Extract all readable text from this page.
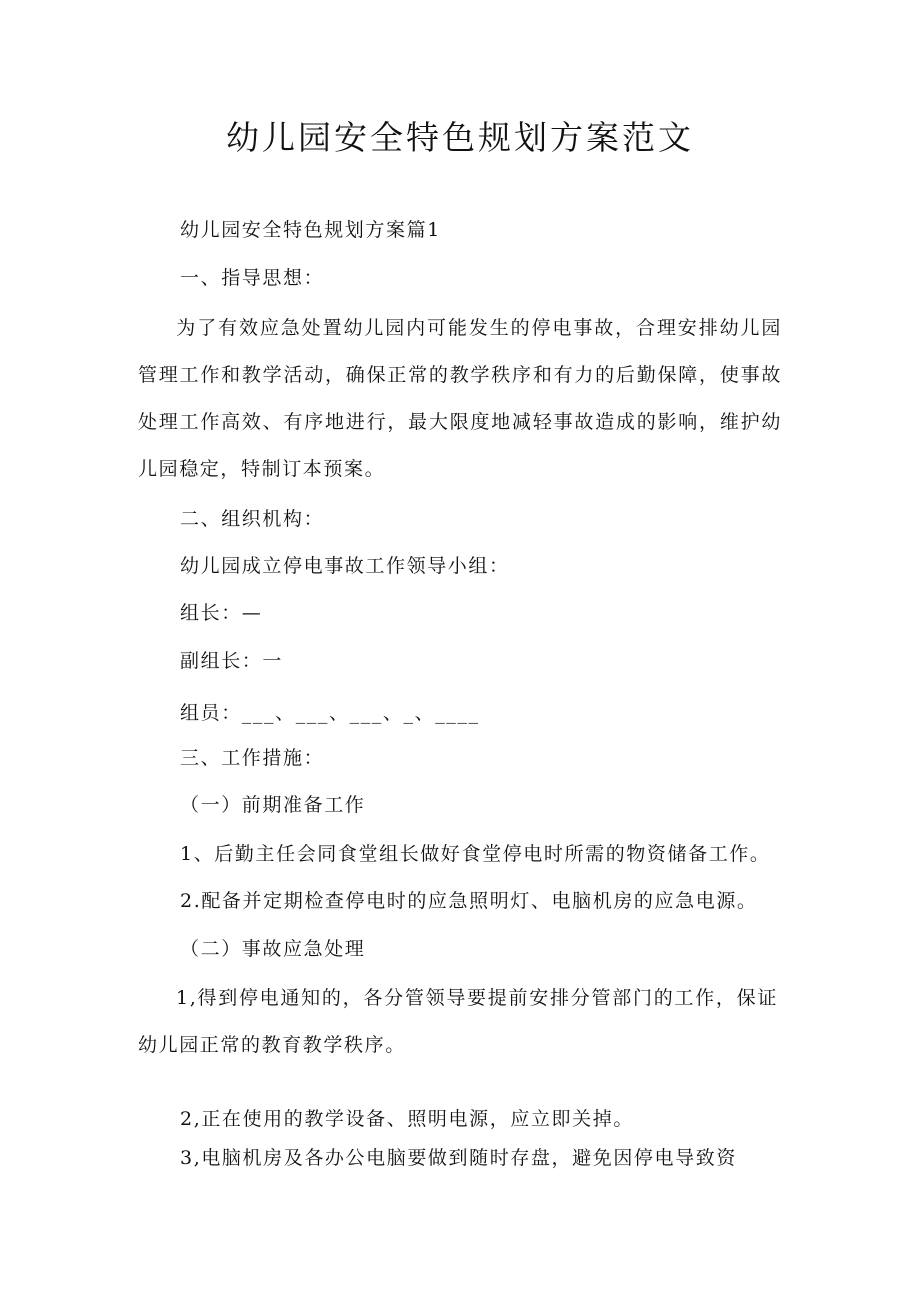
幼儿园安全特色规划方案范文
幼儿园安全特色规划方案篇1
一、指导思想：
为了有效应急处置幼儿园内可能发生的停电事故，合理安排幼儿园管理工作和教学活动，确保正常的教学秩序和有力的后勤保障，使事故处理工作高效、有序地进行，最大限度地减轻事故造成的影响，维护幼儿园稳定，特制订本预案。
二、组织机构：
幼儿园成立停电事故工作领导小组：
组长：—
副组长：一
组员：___、___、___、_、____
三、工作措施：
（一）前期准备工作
1、后勤主任会同食堂组长做好食堂停电时所需的物资储备工作。
2.配备并定期检查停电时的应急照明灯、电脑机房的应急电源。
（二）事故应急处理
1,得到停电通知的，各分管领导要提前安排分管部门的工作，保证幼儿园正常的教育教学秩序。
2,正在使用的教学设备、照明电源，应立即关掉。
3,电脑机房及各办公电脑要做到随时存盘，避免因停电导致资
